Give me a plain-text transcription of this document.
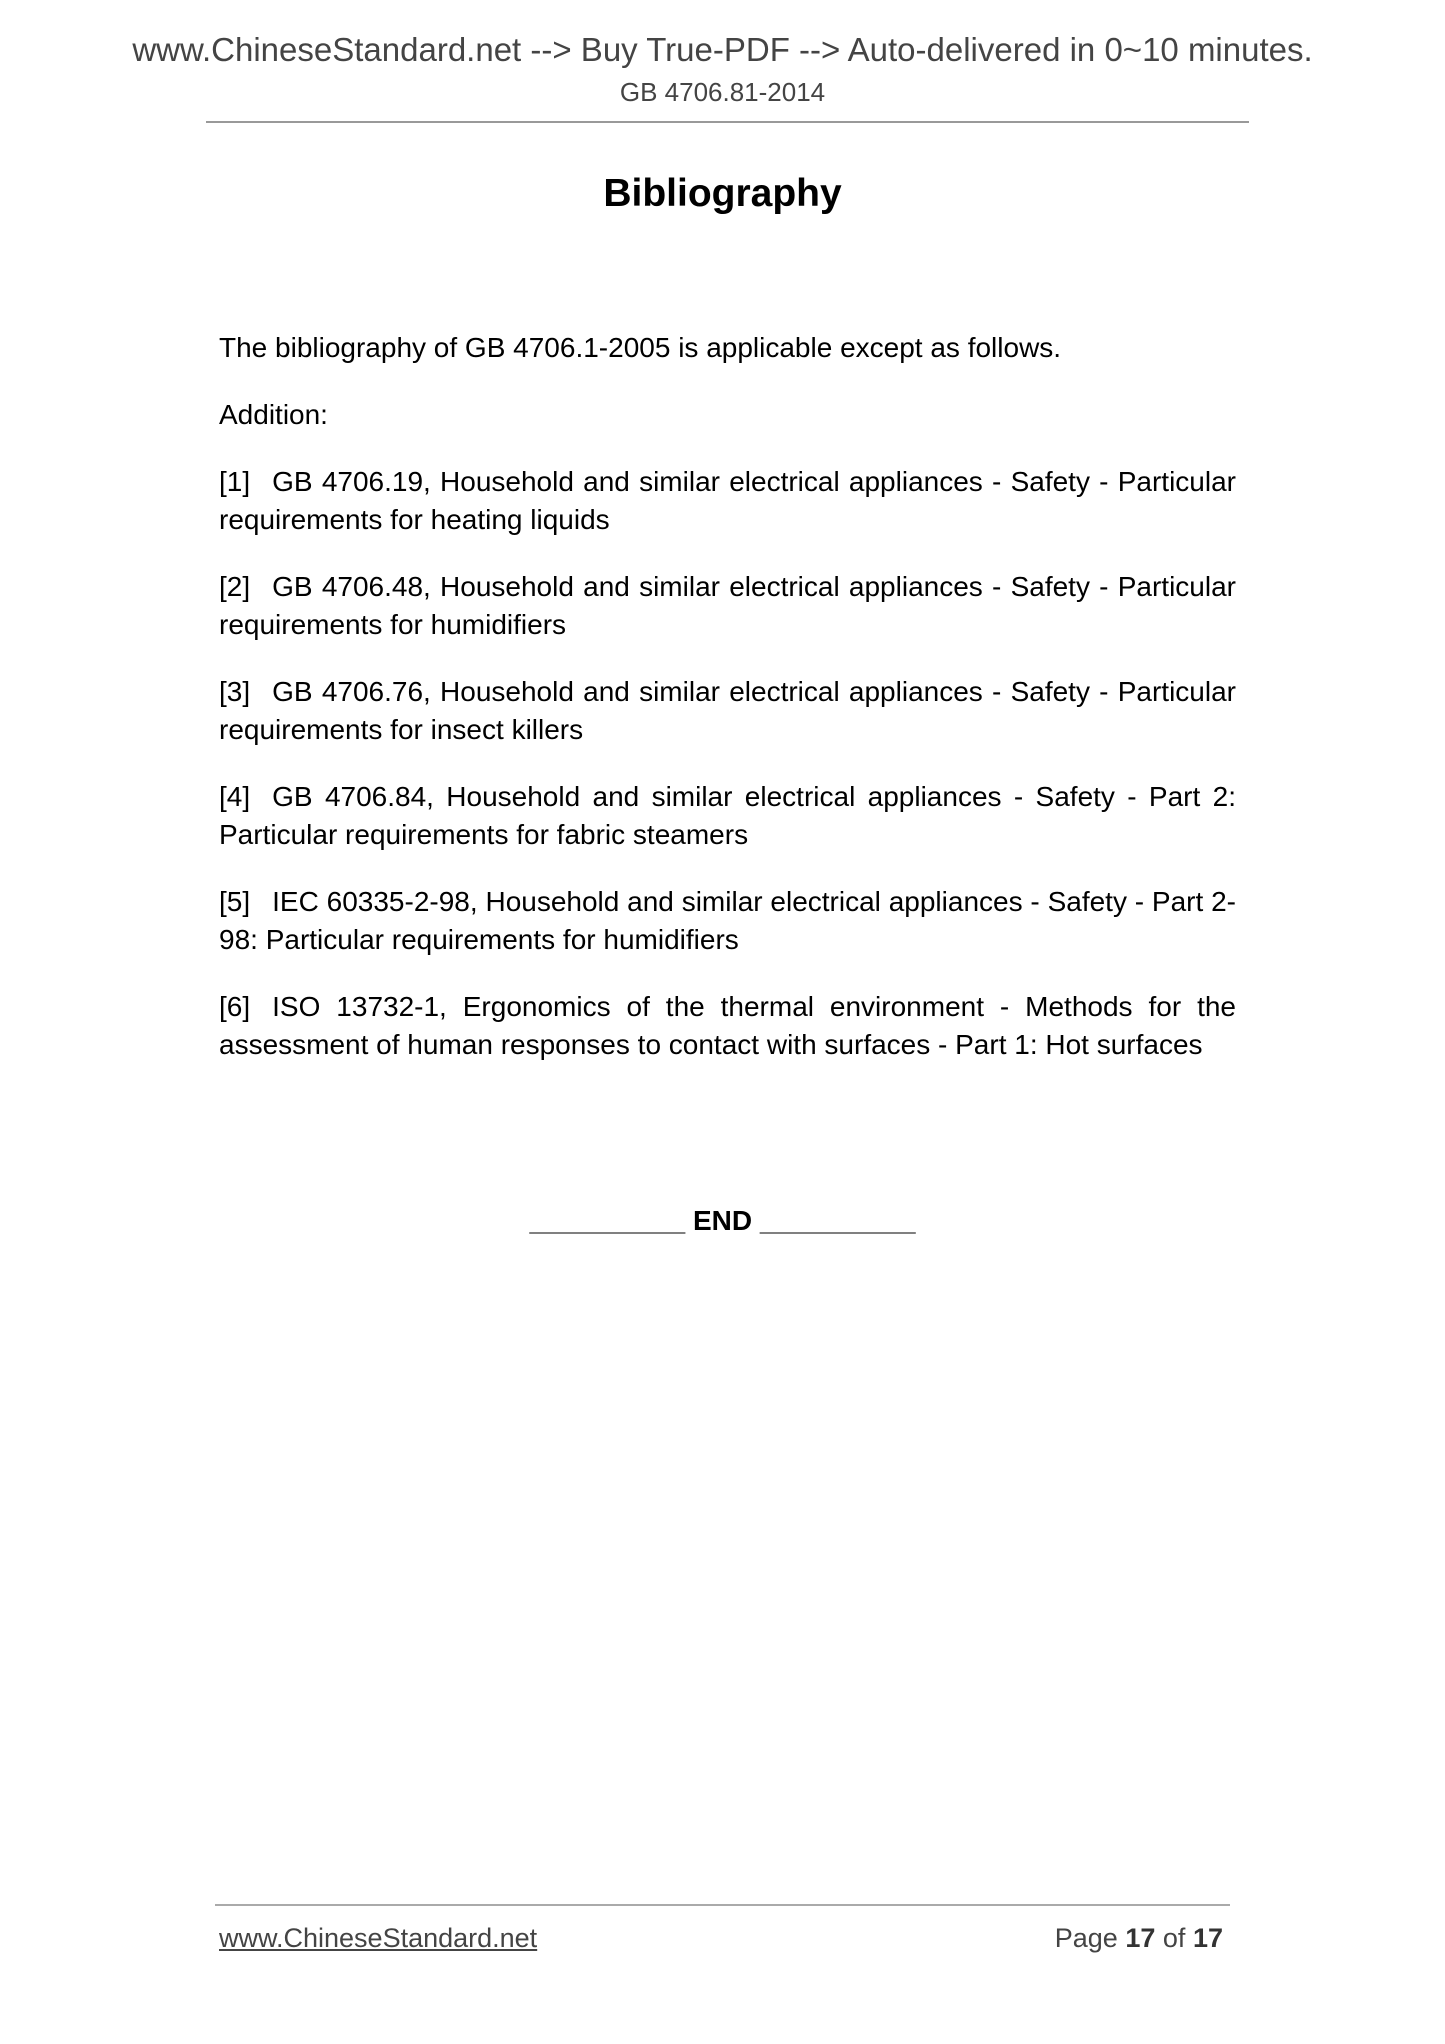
www.ChineseStandard.net --> Buy True-PDF --> Auto-delivered in 0~10 minutes.
GB 4706.81-2014
Bibliography

The bibliography of GB 4706.1-2005 is applicable except as follows.

Addition:

[1] GB 4706.19, Household and similar electrical appliances - Safety - Particular requirements for heating liquids

[2] GB 4706.48, Household and similar electrical appliances - Safety - Particular requirements for humidifiers

[3] GB 4706.76, Household and similar electrical appliances - Safety - Particular requirements for insect killers

[4] GB 4706.84, Household and similar electrical appliances - Safety - Part 2: Particular requirements for fabric steamers

[5] IEC 60335-2-98, Household and similar electrical appliances - Safety - Part 2-98: Particular requirements for humidifiers

[6] ISO 13732-1, Ergonomics of the thermal environment - Methods for the assessment of human responses to contact with surfaces - Part 1: Hot surfaces

__________ END __________
www.ChineseStandard.net	Page 17 of 17
